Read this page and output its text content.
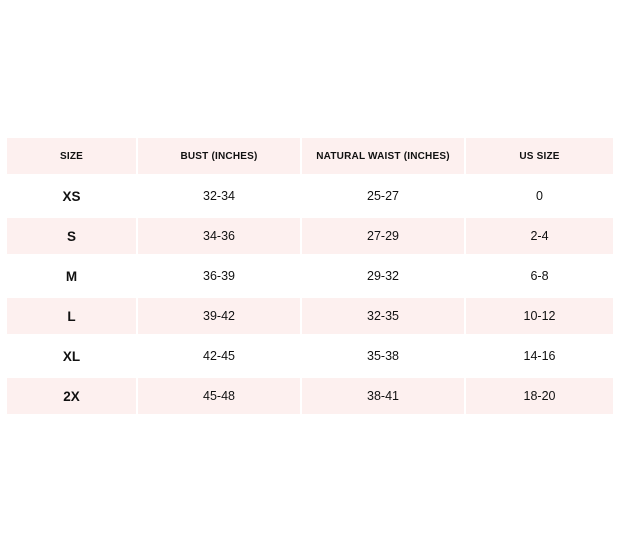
SIZE	BUST (INCHES)	NATURAL WAIST (INCHES)	US SIZE
XS	32-34	25-27	0
S	34-36	27-29	2-4
M	36-39	29-32	6-8
L	39-42	32-35	10-12
XL	42-45	35-38	14-16
2X	45-48	38-41	18-20
